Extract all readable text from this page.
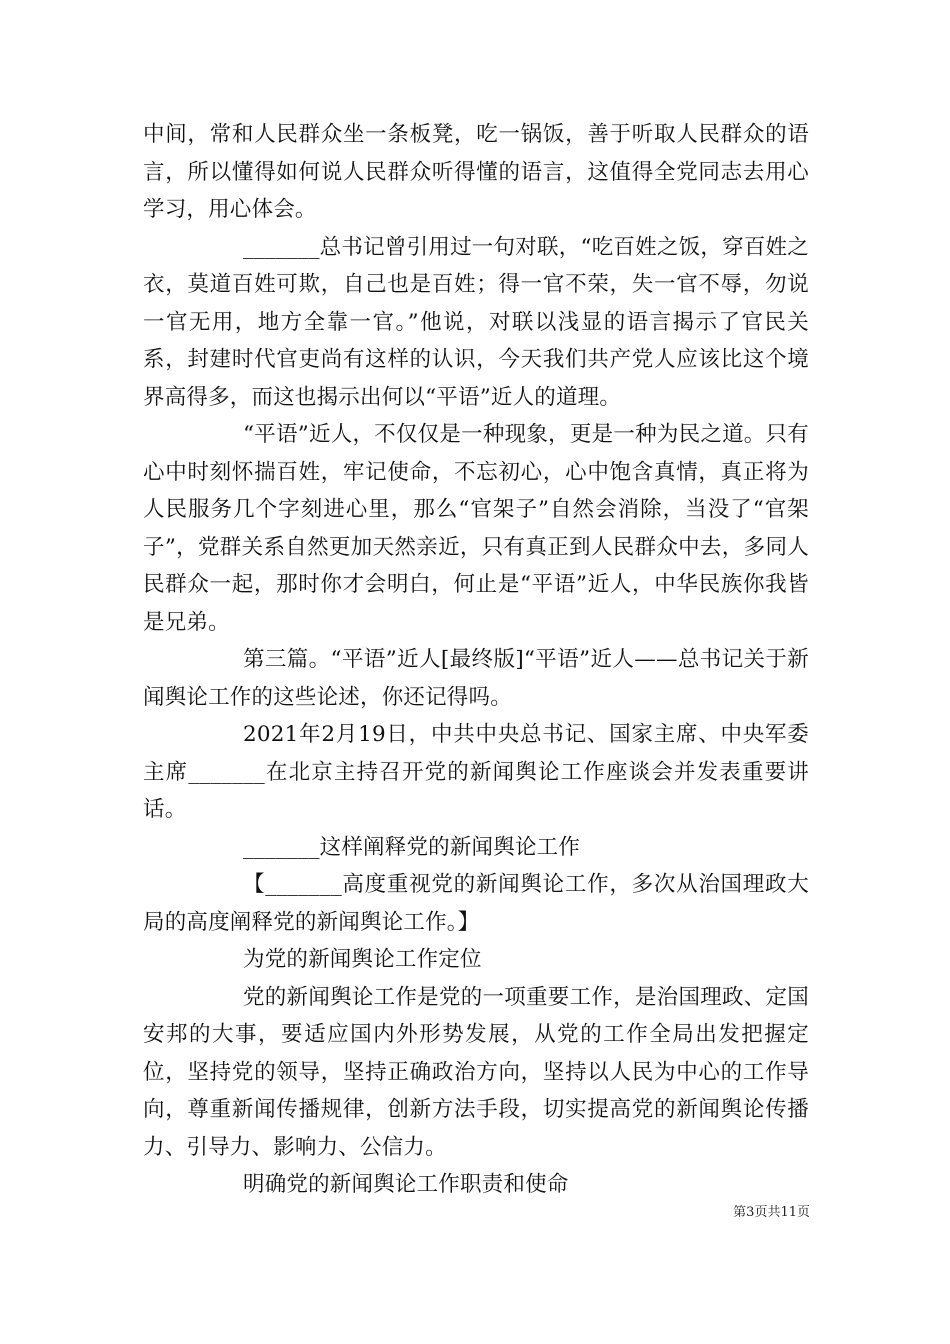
中间，常和人民群众坐一条板凳，吃一锅饭，善于听取人民群众的语言，所以懂得如何说人民群众听得懂的语言，这值得全党同志去用心学习，用心体会。

_______总书记曾引用过一句对联，“吃百姓之饭，穿百姓之衣，莫道百姓可欺，自己也是百姓；得一官不荣，失一官不辱，勿说一官无用，地方全靠一官。”他说，对联以浅显的语言揭示了官民关系，封建时代官吏尚有这样的认识，今天我们共产党人应该比这个境界高得多，而这也揭示出何以“平语”近人的道理。

“平语”近人，不仅仅是一种现象，更是一种为民之道。只有心中时刻怀揣百姓，牢记使命，不忘初心，心中饱含真情，真正将为人民服务几个字刻进心里，那么“官架子”自然会消除，当没了“官架子”，党群关系自然更加天然亲近，只有真正到人民群众中去，多同人民群众一起，那时你才会明白，何止是“平语”近人，中华民族你我皆是兄弟。

第三篇。“平语”近人[最终版]“平语”近人——总书记关于新闻舆论工作的这些论述，你还记得吗。

2021年2月19日，中共中央总书记、国家主席、中央军委主席_______在北京主持召开党的新闻舆论工作座谈会并发表重要讲话。

_______这样阐释党的新闻舆论工作

【_______高度重视党的新闻舆论工作，多次从治国理政大局的高度阐释党的新闻舆论工作。】

为党的新闻舆论工作定位

党的新闻舆论工作是党的一项重要工作，是治国理政、定国安邦的大事，要适应国内外形势发展，从党的工作全局出发把握定位，坚持党的领导，坚持正确政治方向，坚持以人民为中心的工作导向，尊重新闻传播规律，创新方法手段，切实提高党的新闻舆论传播力、引导力、影响力、公信力。

明确党的新闻舆论工作职责和使命

第3页共11页
